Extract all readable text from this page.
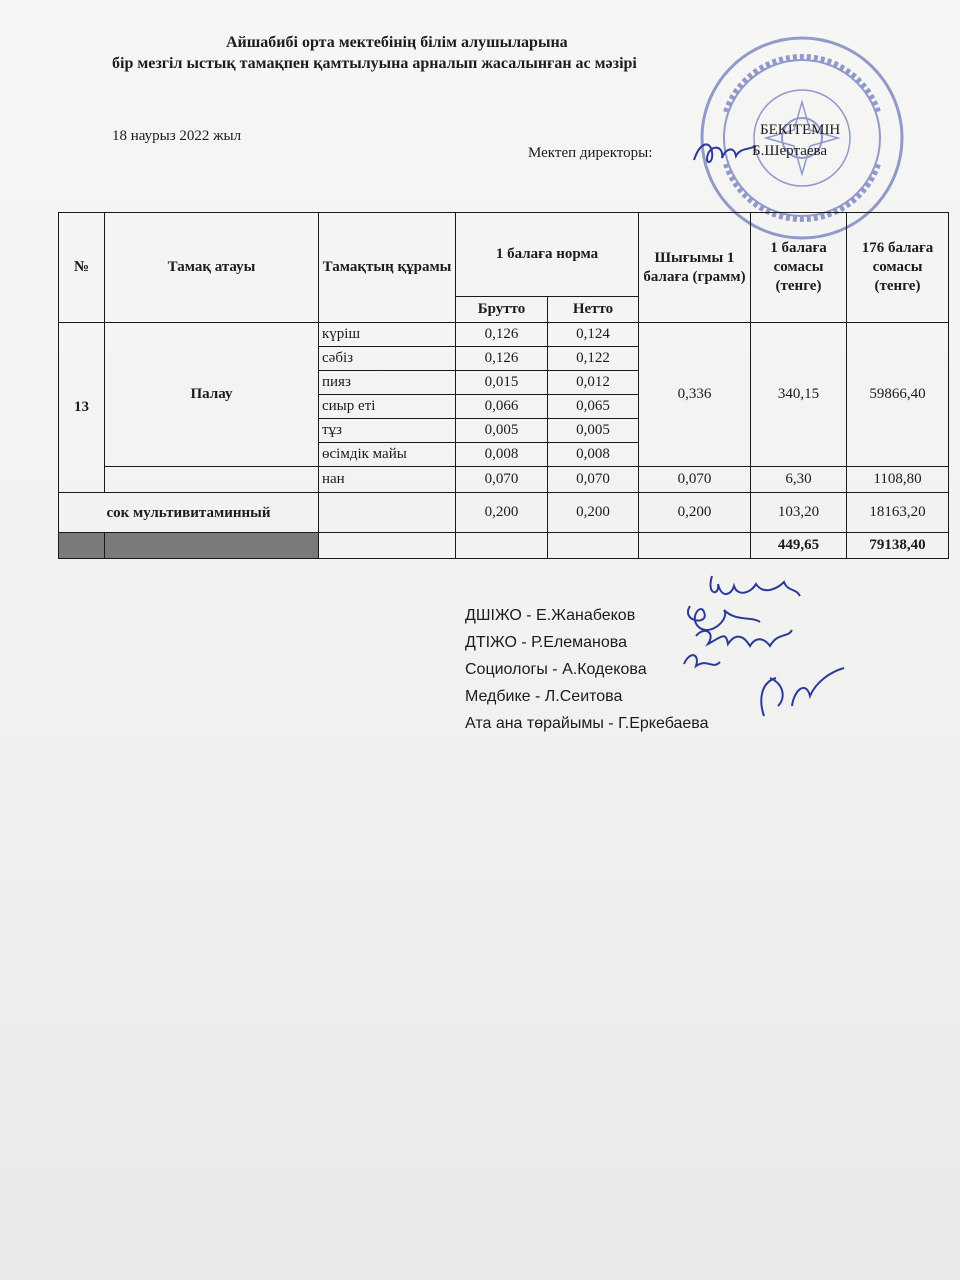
Айшабибі орта мектебінің білім алушыларына
бір мезгіл ыстық тамақпен қамтылуына арналып жасалынған ас мәзірі
18 наурыз 2022 жыл	БЕКІТЕМІН
Мектеп директоры:	Б.Шертаева
№	Тамақ атауы	Тамақтың құрамы	1 балаға норма		Шығымы 1 балаға (грамм)	1 балаға сомасы (тенге)	176 балаға сомасы (тенге)
			Брутто	Нетто			
13	Палау	күріш	0,126	0,124	0,336	340,15	59866,40
		сәбіз	0,126	0,122			
		пияз	0,015	0,012			
		сиыр еті	0,066	0,065			
		тұз	0,005	0,005			
		өсімдік майы	0,008	0,008			
		нан	0,070	0,070	0,070	6,30	1108,80
сок мультивитаминный			0,200	0,200	0,200	103,20	18163,20
						449,65	79138,40
ДШІЖО - Е.Жанабеков
ДТІЖО - Р.Елеманова
Социологы - А.Кодекова
Медбике - Л.Сеитова
Ата ана төрайымы - Г.Еркебаева
